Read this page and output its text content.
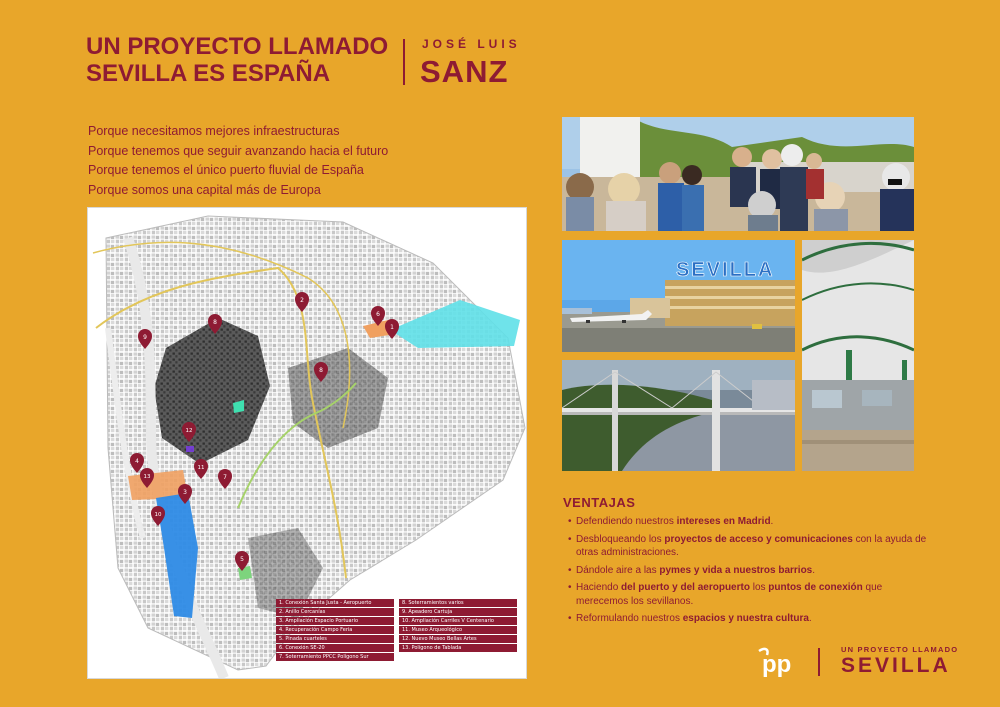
UN PROYECTO LLAMADO
SEVILLA ES ESPAÑA
JOSÉ LUIS
SANZ
Porque necesitamos mejores infraestructuras
Porque tenemos que seguir avanzando hacia el futuro
Porque tenemos el único puerto fluvial de España
Porque somos una capital más de Europa
1
2
3
4
5
6
7
8
8
9
10
11
12
13
1. Conexión Santa Justa - Aeropuerto
2. Anillo Cercanías
3. Ampliación Espacio Portuario
4. Recuperación Campo Feria
5. Pinada cuarteles
6. Conexión SE-20
7. Soterramiento PPCC Polígono Sur
8. Soterramientos varios
9. Apeadero Cartuja
10. Ampliación Carriles V Centenario
11. Museo Arqueológico
12. Nuevo Museo Bellas Artes
13. Polígono de Tablada
SEVILLA
VENTAJAS
• Defendiendo nuestros intereses en Madrid.
• Desbloqueando los proyectos de acceso y comunicaciones con la ayuda de otras administraciones.
• Dándole aire a las pymes y vida a nuestros barrios.
• Haciendo del puerto y del aeropuerto los puntos de conexión que merecemos los sevillanos.
• Reformulando nuestros espacios y nuestra cultura.
pp
UN PROYECTO LLAMADO
SEVILLA
